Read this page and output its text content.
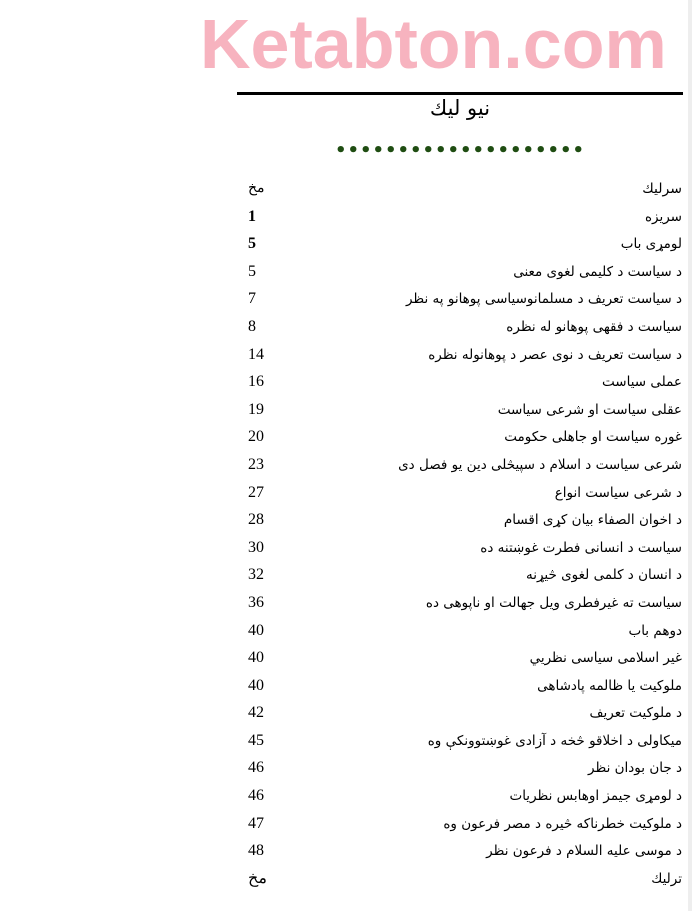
Ketabton.com
نیو لیك
••••••••••••••••••••
سرلیك
مخ
سریزه
1
لومړی باب
5
د سیاست د کلیمی لغوی معنی
5
د سیاست تعریف د مسلمانوسیاسی پوهانو په نظر
7
سیاست د فقهی پوهانو له نظره
8
د سیاست تعریف د نوی عصر د پوهانوله نظره
14
عملی سیاست
16
عقلی سیاست او شرعی سیاست
19
غوره سیاست او جاهلی حکومت
20
شرعی سیاست د اسلام د سپیڅلی دین یو فصل دی
23
د شرعی سیاست انواع
27
د اخوان الصفاء بیان کړی اقسام
28
سیاست د انسانی فطرت غوښتنه ده
30
د انسان د کلمی لغوی څیړنه
32
سیاست ته غیرفطری ویل جهالت او ناپوهی ده
36
دوهم باب
40
غیر اسلامی سیاسی نظريي
40
ملوکیت یا ظالمه پادشاهی
40
د ملوکیت تعریف
42
میکاولی د اخلاقو څخه د آزادی غوښتوونکې وه
45
د جان بودان نظر
46
د لومړی جیمز اوهابس نظریات
46
د ملوکیت خطرناکه څیره د مصر فرعون وه
47
د موسی علیه السلام د فرعون نظر
48
ترلیك
مخ
